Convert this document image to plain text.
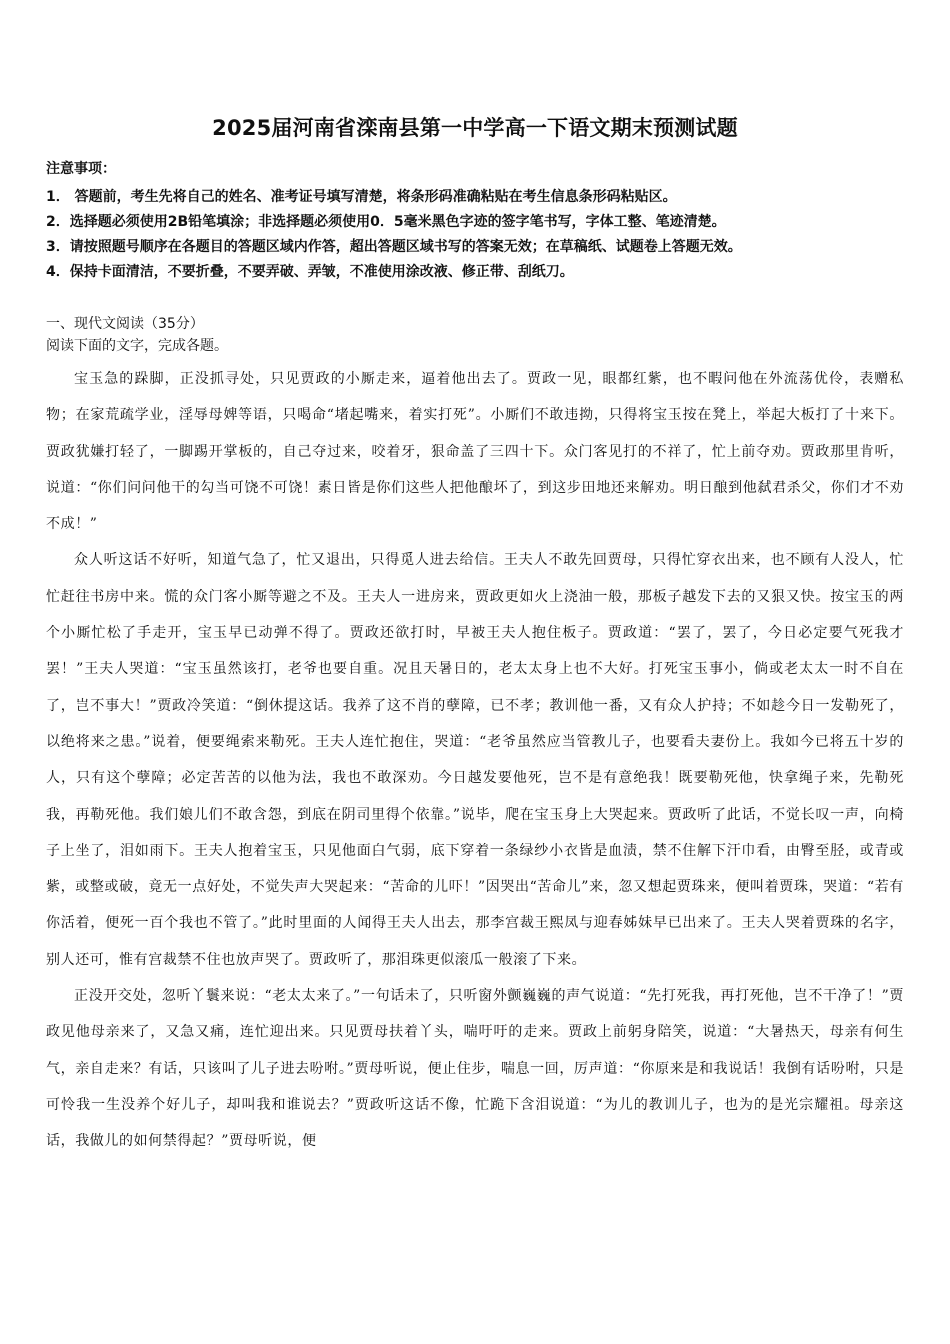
2025届河南省滦南县第一中学高一下语文期末预测试题
注意事项：

1． 答题前，考生先将自己的姓名、准考证号填写清楚，将条形码准确粘贴在考生信息条形码粘贴区。

2．选择题必须使用2B铅笔填涂；非选择题必须使用0．5毫米黑色字迹的签字笔书写，字体工整、笔迹清楚。

3．请按照题号顺序在各题目的答题区域内作答，超出答题区域书写的答案无效；在草稿纸、试题卷上答题无效。

4．保持卡面清洁，不要折叠，不要弄破、弄皱，不准使用涂改液、修正带、刮纸刀。

一、现代文阅读（35分）
阅读下面的文字，完成各题。

宝玉急的跺脚，正没抓寻处，只见贾政的小厮走来，逼着他出去了。贾政一见，眼都红紫，也不暇问他在外流荡优伶，表赠私物；在家荒疏学业，淫辱母婢等语，只喝命“堵起嘴来，着实打死”。小厮们不敢违拗，只得将宝玉按在凳上，举起大板打了十来下。贾政犹嫌打轻了，一脚踢开掌板的，自己夺过来，咬着牙，狠命盖了三四十下。众门客见打的不祥了，忙上前夺劝。贾政那里肯听，说道：“你们问问他干的勾当可饶不可饶！素日皆是你们这些人把他酿坏了，到这步田地还来解劝。明日酿到他弑君杀父，你们才不劝不成！”

众人听这话不好听，知道气急了，忙又退出，只得觅人进去给信。王夫人不敢先回贾母，只得忙穿衣出来，也不顾有人没人，忙忙赶往书房中来。慌的众门客小厮等避之不及。王夫人一进房来，贾政更如火上浇油一般，那板子越发下去的又狠又快。按宝玉的两个小厮忙松了手走开，宝玉早已动弹不得了。贾政还欲打时，早被王夫人抱住板子。贾政道：“罢了，罢了，今日必定要气死我才罢！”王夫人哭道：“宝玉虽然该打，老爷也要自重。况且天暑日的，老太太身上也不大好。打死宝玉事小，倘或老太太一时不自在了，岂不事大！”贾政冷笑道：“倒休提这话。我养了这不肖的孽障，已不孝；教训他一番，又有众人护持；不如趁今日一发勒死了，以绝将来之患。”说着，便要绳索来勒死。王夫人连忙抱住，哭道：“老爷虽然应当管教儿子，也要看夫妻份上。我如今已将五十岁的人，只有这个孽障；必定苦苦的以他为法，我也不敢深劝。今日越发要他死，岂不是有意绝我！既要勒死他，快拿绳子来，先勒死我，再勒死他。我们娘儿们不敢含怨，到底在阴司里得个依靠。”说毕，爬在宝玉身上大哭起来。贾政听了此话，不觉长叹一声，向椅子上坐了，泪如雨下。王夫人抱着宝玉，只见他面白气弱，底下穿着一条绿纱小衣皆是血渍，禁不住解下汗巾看，由臀至胫，或青或紫，或整或破，竟无一点好处，不觉失声大哭起来：“苦命的儿吓！”因哭出“苦命儿”来，忽又想起贾珠来，便叫着贾珠，哭道：“若有你活着，便死一百个我也不管了。”此时里面的人闻得王夫人出去，那李宫裁王熙凤与迎春姊妹早已出来了。王夫人哭着贾珠的名字，别人还可，惟有宫裁禁不住也放声哭了。贾政听了，那泪珠更似滚瓜一般滚了下来。

正没开交处，忽听丫鬟来说：“老太太来了。”一句话未了，只听窗外颤巍巍的声气说道：“先打死我，再打死他，岂不干净了！”贾政见他母亲来了，又急又痛，连忙迎出来。只见贾母扶着丫头，喘吁吁的走来。贾政上前躬身陪笑，说道：“大暑热天，母亲有何生气，亲自走来？有话，只该叫了儿子进去吩咐。”贾母听说，便止住步，喘息一回，厉声道：“你原来是和我说话！我倒有话吩咐，只是可怜我一生没养个好儿子，却叫我和谁说去？”贾政听这话不像，忙跪下含泪说道：“为儿的教训儿子，也为的是光宗耀祖。母亲这话，我做儿的如何禁得起？”贾母听说，便
